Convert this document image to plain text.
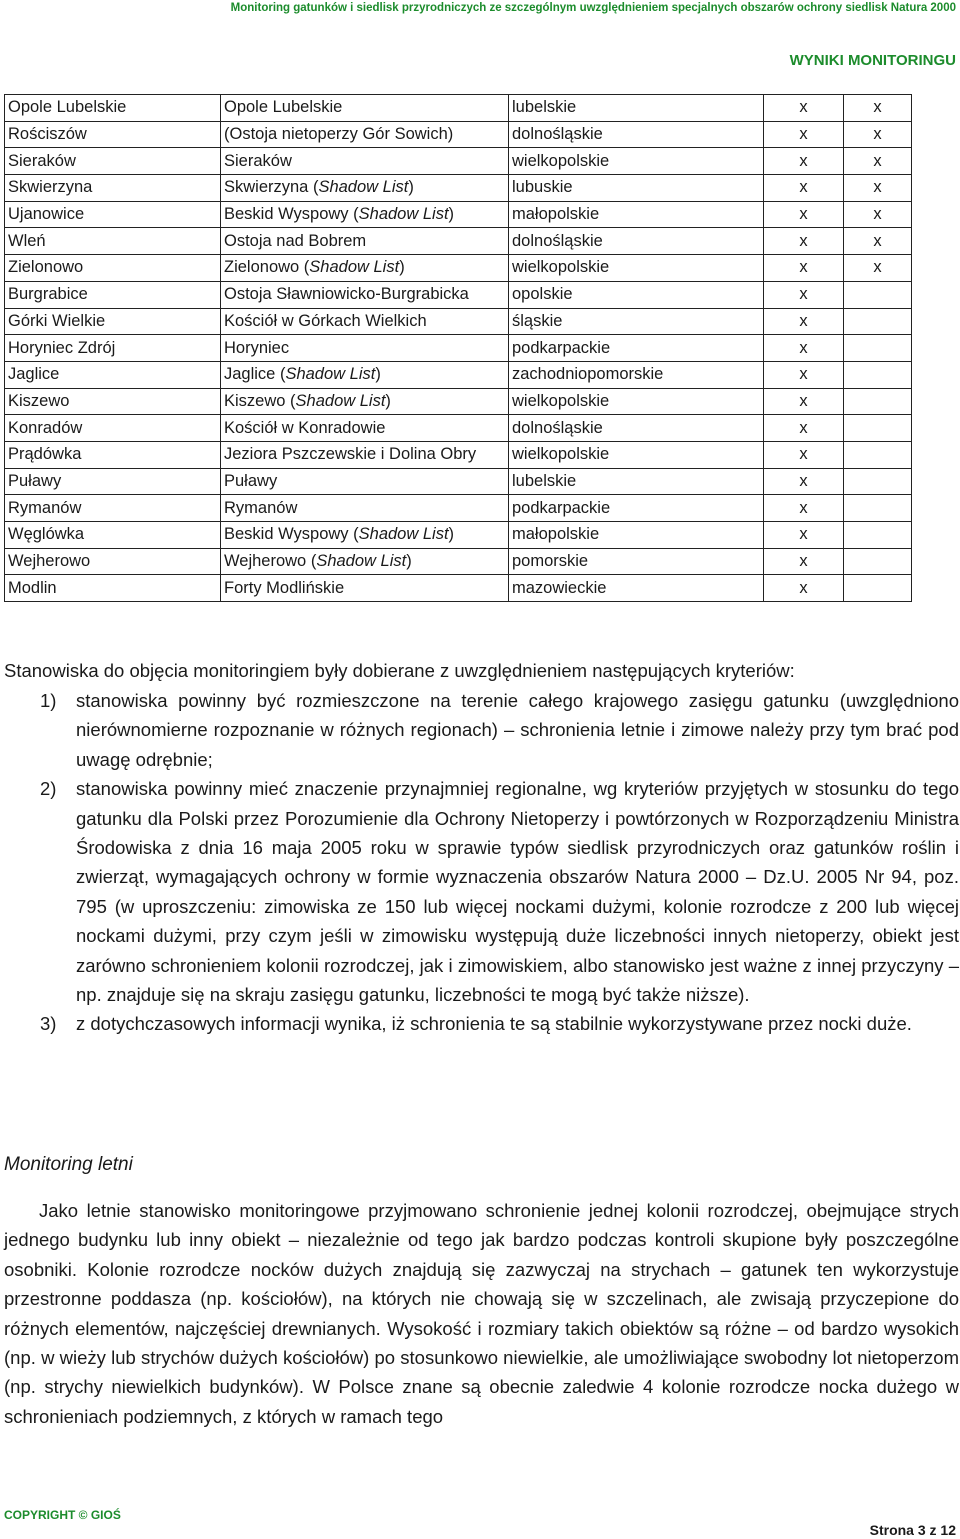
Monitoring gatunków i siedlisk przyrodniczych ze szczególnym uwzględnieniem specjalnych obszarów ochrony siedlisk Natura 2000
WYNIKI MONITORINGU
Opole Lubelskie	Opole Lubelskie	lubelskie	x	x
Rościszów	(Ostoja nietoperzy Gór Sowich)	dolnośląskie	x	x
Sieraków	Sieraków	wielkopolskie	x	x
Skwierzyna	Skwierzyna (Shadow List)	lubuskie	x	x
Ujanowice	Beskid Wyspowy (Shadow List)	małopolskie	x	x
Wleń	Ostoja nad Bobrem	dolnośląskie	x	x
Zielonowo	Zielonowo (Shadow List)	wielkopolskie	x	x
Burgrabice	Ostoja Sławniowicko-Burgrabicka	opolskie	x	
Górki Wielkie	Kościół w Górkach Wielkich	śląskie	x	
Horyniec Zdrój	Horyniec	podkarpackie	x	
Jaglice	Jaglice (Shadow List)	zachodniopomorskie	x	
Kiszewo	Kiszewo (Shadow List)	wielkopolskie	x	
Konradów	Kościół w Konradowie	dolnośląskie	x	
Prądówka	Jeziora Pszczewskie i Dolina Obry	wielkopolskie	x	
Puławy	Puławy	lubelskie	x	
Rymanów	Rymanów	podkarpackie	x	
Węglówka	Beskid Wyspowy (Shadow List)	małopolskie	x	
Wejherowo	Wejherowo (Shadow List)	pomorskie	x	
Modlin	Forty Modlińskie	mazowieckie	x	
Stanowiska do objęcia monitoringiem były dobierane z uwzględnieniem następujących kryteriów:
1)	stanowiska powinny być rozmieszczone na terenie całego krajowego zasięgu gatunku (uwzględniono nierównomierne rozpoznanie w różnych regionach) – schronienia letnie i zimowe należy przy tym brać pod uwagę odrębnie;
2)	stanowiska powinny mieć znaczenie przynajmniej regionalne, wg kryteriów przyjętych w stosunku do tego gatunku dla Polski przez Porozumienie dla Ochrony Nietoperzy i powtórzonych w Rozporządzeniu Ministra Środowiska z dnia 16 maja 2005 roku w sprawie typów siedlisk przyrodniczych oraz gatunków roślin i zwierząt, wymagających ochrony w formie wyznaczenia obszarów Natura 2000 – Dz.U. 2005 Nr 94, poz. 795 (w uproszczeniu: zimowiska ze 150 lub więcej nockami dużymi, kolonie rozrodcze z 200 lub więcej nockami dużymi, przy czym jeśli w zimowisku występują duże liczebności innych nietoperzy, obiekt jest zarówno schronieniem kolonii rozrodczej, jak i zimowiskiem, albo stanowisko jest ważne z innej przyczyny – np. znajduje się na skraju zasięgu gatunku, liczebności te mogą być także niższe).
3)	z dotychczasowych informacji wynika, iż schronienia te są stabilnie wykorzystywane przez nocki duże.
Monitoring letni
Jako letnie stanowisko monitoringowe przyjmowano schronienie jednej kolonii rozrodczej, obejmujące strych jednego budynku lub inny obiekt – niezależnie od tego jak bardzo podczas kontroli skupione były poszczególne osobniki. Kolonie rozrodcze nocków dużych znajdują się zazwyczaj na strychach – gatunek ten wykorzystuje przestronne poddasza (np. kościołów), na których nie chowają się w szczelinach, ale zwisają przyczepione do różnych elementów, najczęściej drewnianych. Wysokość i rozmiary takich obiektów są różne – od bardzo wysokich (np. w wieży lub strychów dużych kościołów) po stosunkowo niewielkie, ale umożliwiające swobodny lot nietoperzom (np. strychy niewielkich budynków). W Polsce znane są obecnie zaledwie 4 kolonie rozrodcze nocka dużego w schronieniach podziemnych, z których w ramach tego
COPYRIGHT © GIOŚ
Strona 3 z 12
